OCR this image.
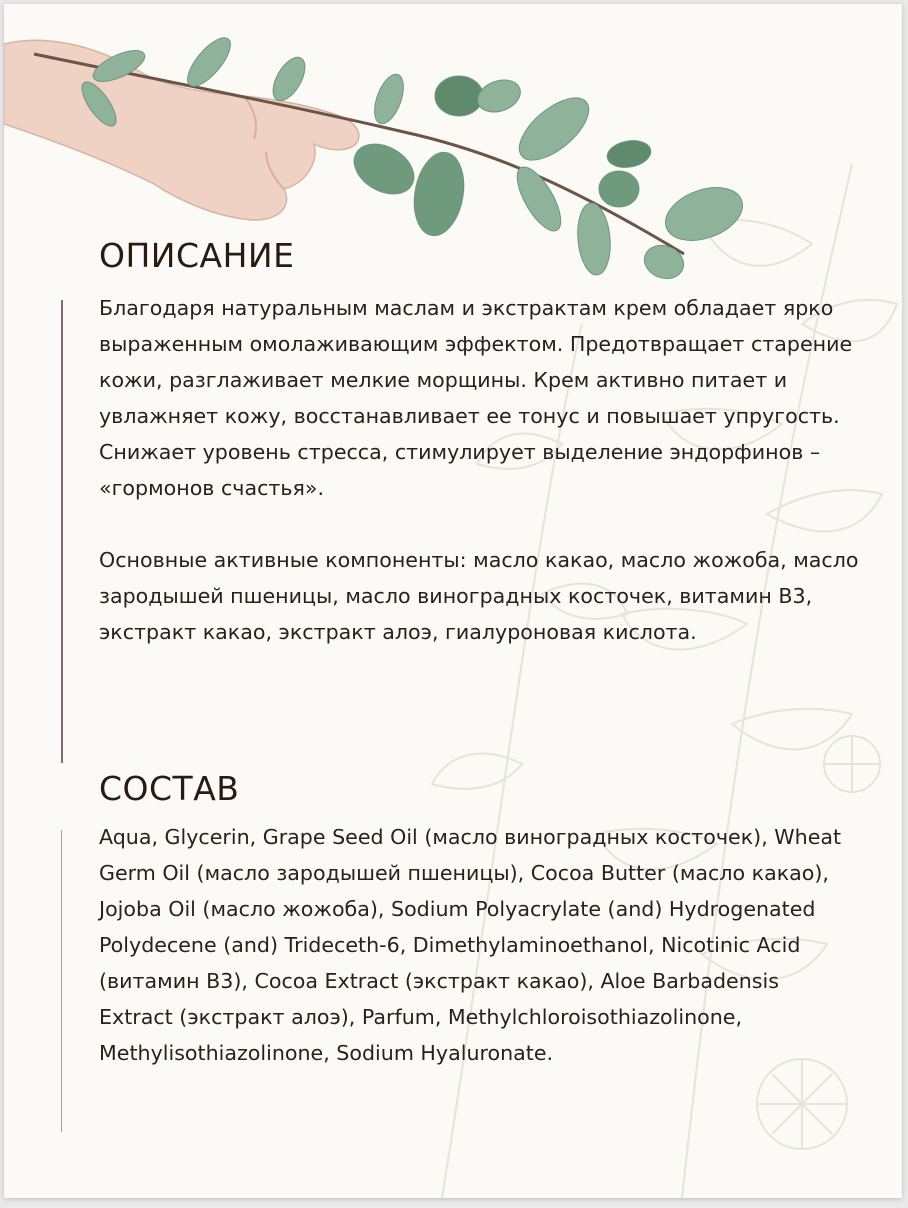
ОПИСАНИЕ

Благодаря натуральным маслам и экстрактам крем обладает ярко выраженным омолаживающим эффектом. Предотвращает старение кожи, разглаживает мелкие морщины. Крем активно питает и увлажняет кожу, восстанавливает ее тонус и повышает упругость. Снижает уровень стресса, стимулирует выделение эндорфинов – «гормонов счастья».

Основные активные компоненты: масло какао, масло жожоба, масло зародышей пшеницы, масло виноградных косточек, витамин В3, экстракт какао, экстракт алоэ, гиалуроновая кислота.

СОСТАВ

Aqua, Glycerin, Grape Seed Oil (масло виноградных косточек), Wheat Germ Oil (масло зародышей пшеницы), Cocoa Butter (масло какао), Jojoba Oil (масло жожоба), Sodium Polyacrylate (and) Hydrogenated Polydecene (and) Trideceth-6, Dimethylaminoethanol, Nicotinic Acid (витамин В3), Cocoa Extract (экстракт какао), Aloe Barbadensis Extract (экстракт алоэ), Parfum, Methylchloroisothiazolinone, Methylisothiazolinone, Sodium Hyaluronate.
